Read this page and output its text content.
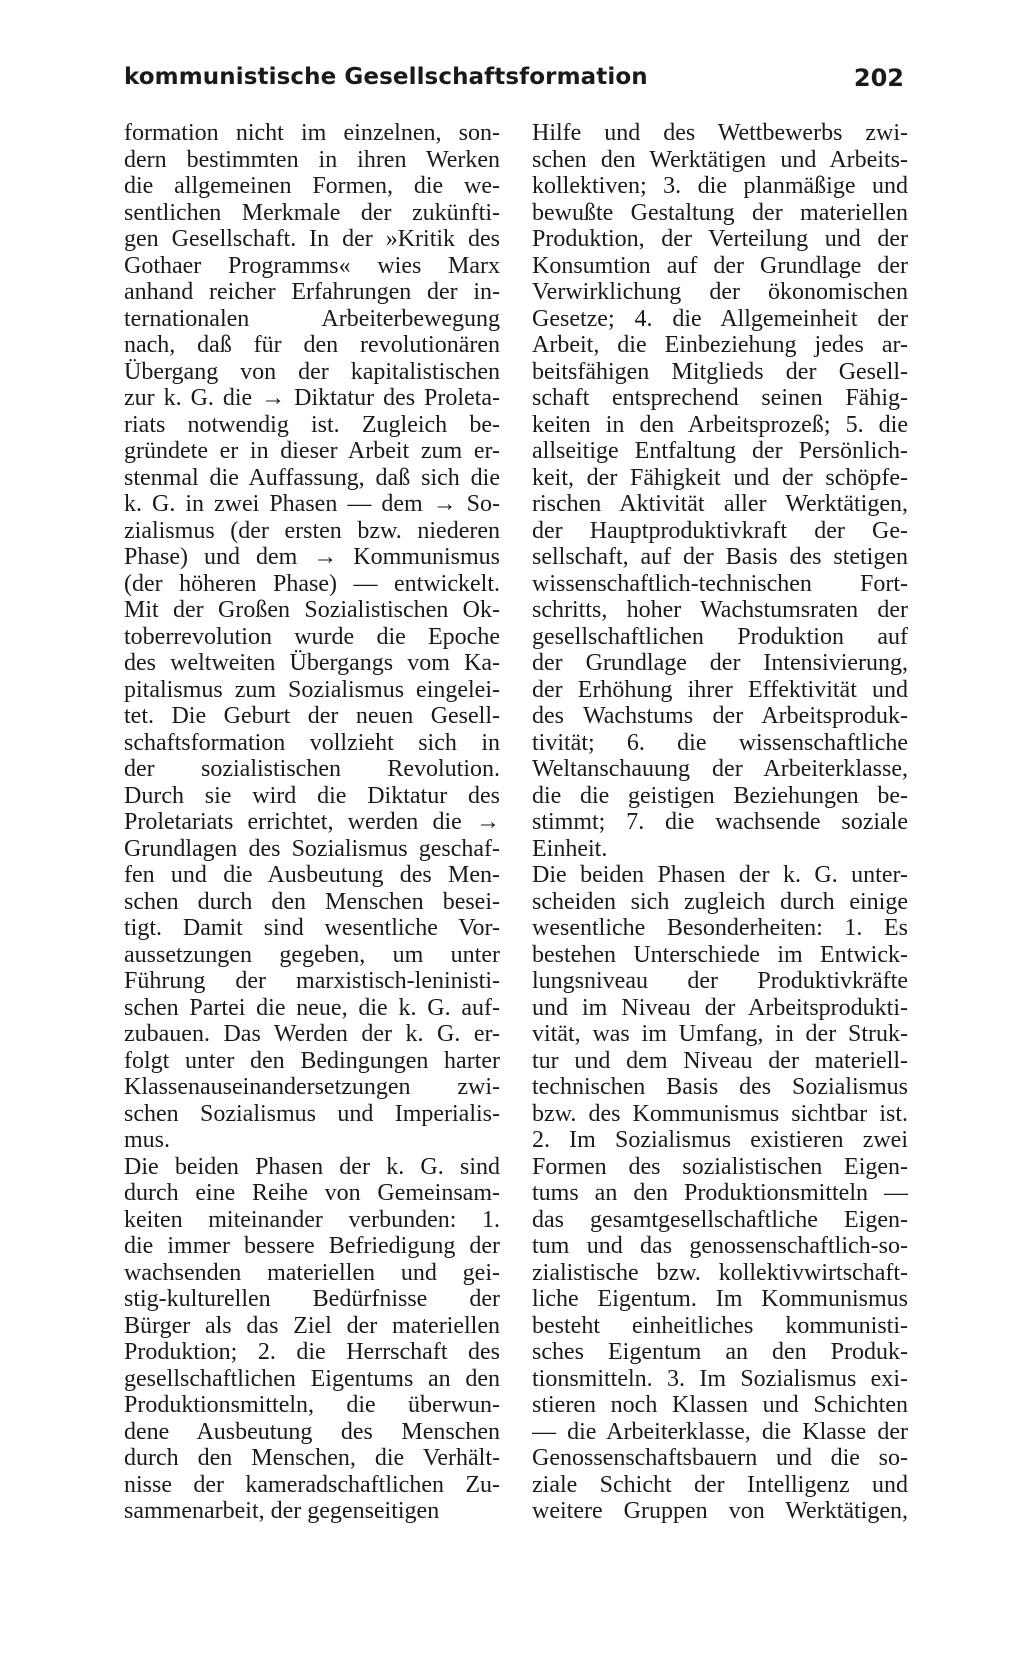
kommunistische Gesellschaftsformation	202
formation nicht im einzelnen, son-
dern bestimmten in ihren Werken
die allgemeinen Formen, die we-
sentlichen Merkmale der zukünfti-
gen Gesellschaft. In der »Kritik des
Gothaer Programms« wies Marx
anhand reicher Erfahrungen der in-
ternationalen Arbeiterbewegung
nach, daß für den revolutionären
Übergang von der kapitalistischen
zur k. G. die → Diktatur des Proleta-
riats notwendig ist. Zugleich be-
gründete er in dieser Arbeit zum er-
stenmal die Auffassung, daß sich die
k. G. in zwei Phasen — dem → So-
zialismus (der ersten bzw. niederen
Phase) und dem → Kommunismus
(der höheren Phase) — entwickelt.
Mit der Großen Sozialistischen Ok-
toberrevolution wurde die Epoche
des weltweiten Übergangs vom Ka-
pitalismus zum Sozialismus eingelei-
tet. Die Geburt der neuen Gesell-
schaftsformation vollzieht sich in
der sozialistischen Revolution.
Durch sie wird die Diktatur des
Proletariats errichtet, werden die →
Grundlagen des Sozialismus geschaf-
fen und die Ausbeutung des Men-
schen durch den Menschen besei-
tigt. Damit sind wesentliche Vor-
aussetzungen gegeben, um unter
Führung der marxistisch-leninisti-
schen Partei die neue, die k. G. auf-
zubauen. Das Werden der k. G. er-
folgt unter den Bedingungen harter
Klassenauseinandersetzungen zwi-
schen Sozialismus und Imperialis-
mus.
Die beiden Phasen der k. G. sind
durch eine Reihe von Gemeinsam-
keiten miteinander verbunden: 1.
die immer bessere Befriedigung der
wachsenden materiellen und gei-
stig-kulturellen Bedürfnisse der
Bürger als das Ziel der materiellen
Produktion; 2. die Herrschaft des
gesellschaftlichen Eigentums an den
Produktionsmitteln, die überwun-
dene Ausbeutung des Menschen
durch den Menschen, die Verhält-
nisse der kameradschaftlichen Zu-
sammenarbeit, der gegenseitigen
Hilfe und des Wettbewerbs zwi-
schen den Werktätigen und Arbeits-
kollektiven; 3. die planmäßige und
bewußte Gestaltung der materiellen
Produktion, der Verteilung und der
Konsumtion auf der Grundlage der
Verwirklichung der ökonomischen
Gesetze; 4. die Allgemeinheit der
Arbeit, die Einbeziehung jedes ar-
beitsfähigen Mitglieds der Gesell-
schaft entsprechend seinen Fähig-
keiten in den Arbeitsprozeß; 5. die
allseitige Entfaltung der Persönlich-
keit, der Fähigkeit und der schöpfe-
rischen Aktivität aller Werktätigen,
der Hauptproduktivkraft der Ge-
sellschaft, auf der Basis des stetigen
wissenschaftlich-technischen Fort-
schritts, hoher Wachstumsraten der
gesellschaftlichen Produktion auf
der Grundlage der Intensivierung,
der Erhöhung ihrer Effektivität und
des Wachstums der Arbeitsproduk-
tivität; 6. die wissenschaftliche
Weltanschauung der Arbeiterklasse,
die die geistigen Beziehungen be-
stimmt; 7. die wachsende soziale
Einheit.
Die beiden Phasen der k. G. unter-
scheiden sich zugleich durch einige
wesentliche Besonderheiten: 1. Es
bestehen Unterschiede im Entwick-
lungsniveau der Produktivkräfte
und im Niveau der Arbeitsprodukti-
vität, was im Umfang, in der Struk-
tur und dem Niveau der materiell-
technischen Basis des Sozialismus
bzw. des Kommunismus sichtbar ist.
2. Im Sozialismus existieren zwei
Formen des sozialistischen Eigen-
tums an den Produktionsmitteln —
das gesamtgesellschaftliche Eigen-
tum und das genossenschaftlich-so-
zialistische bzw. kollektivwirtschaft-
liche Eigentum. Im Kommunismus
besteht einheitliches kommunisti-
sches Eigentum an den Produk-
tionsmitteln. 3. Im Sozialismus exi-
stieren noch Klassen und Schichten
— die Arbeiterklasse, die Klasse der
Genossenschaftsbauern und die so-
ziale Schicht der Intelligenz und
weitere Gruppen von Werktätigen,
